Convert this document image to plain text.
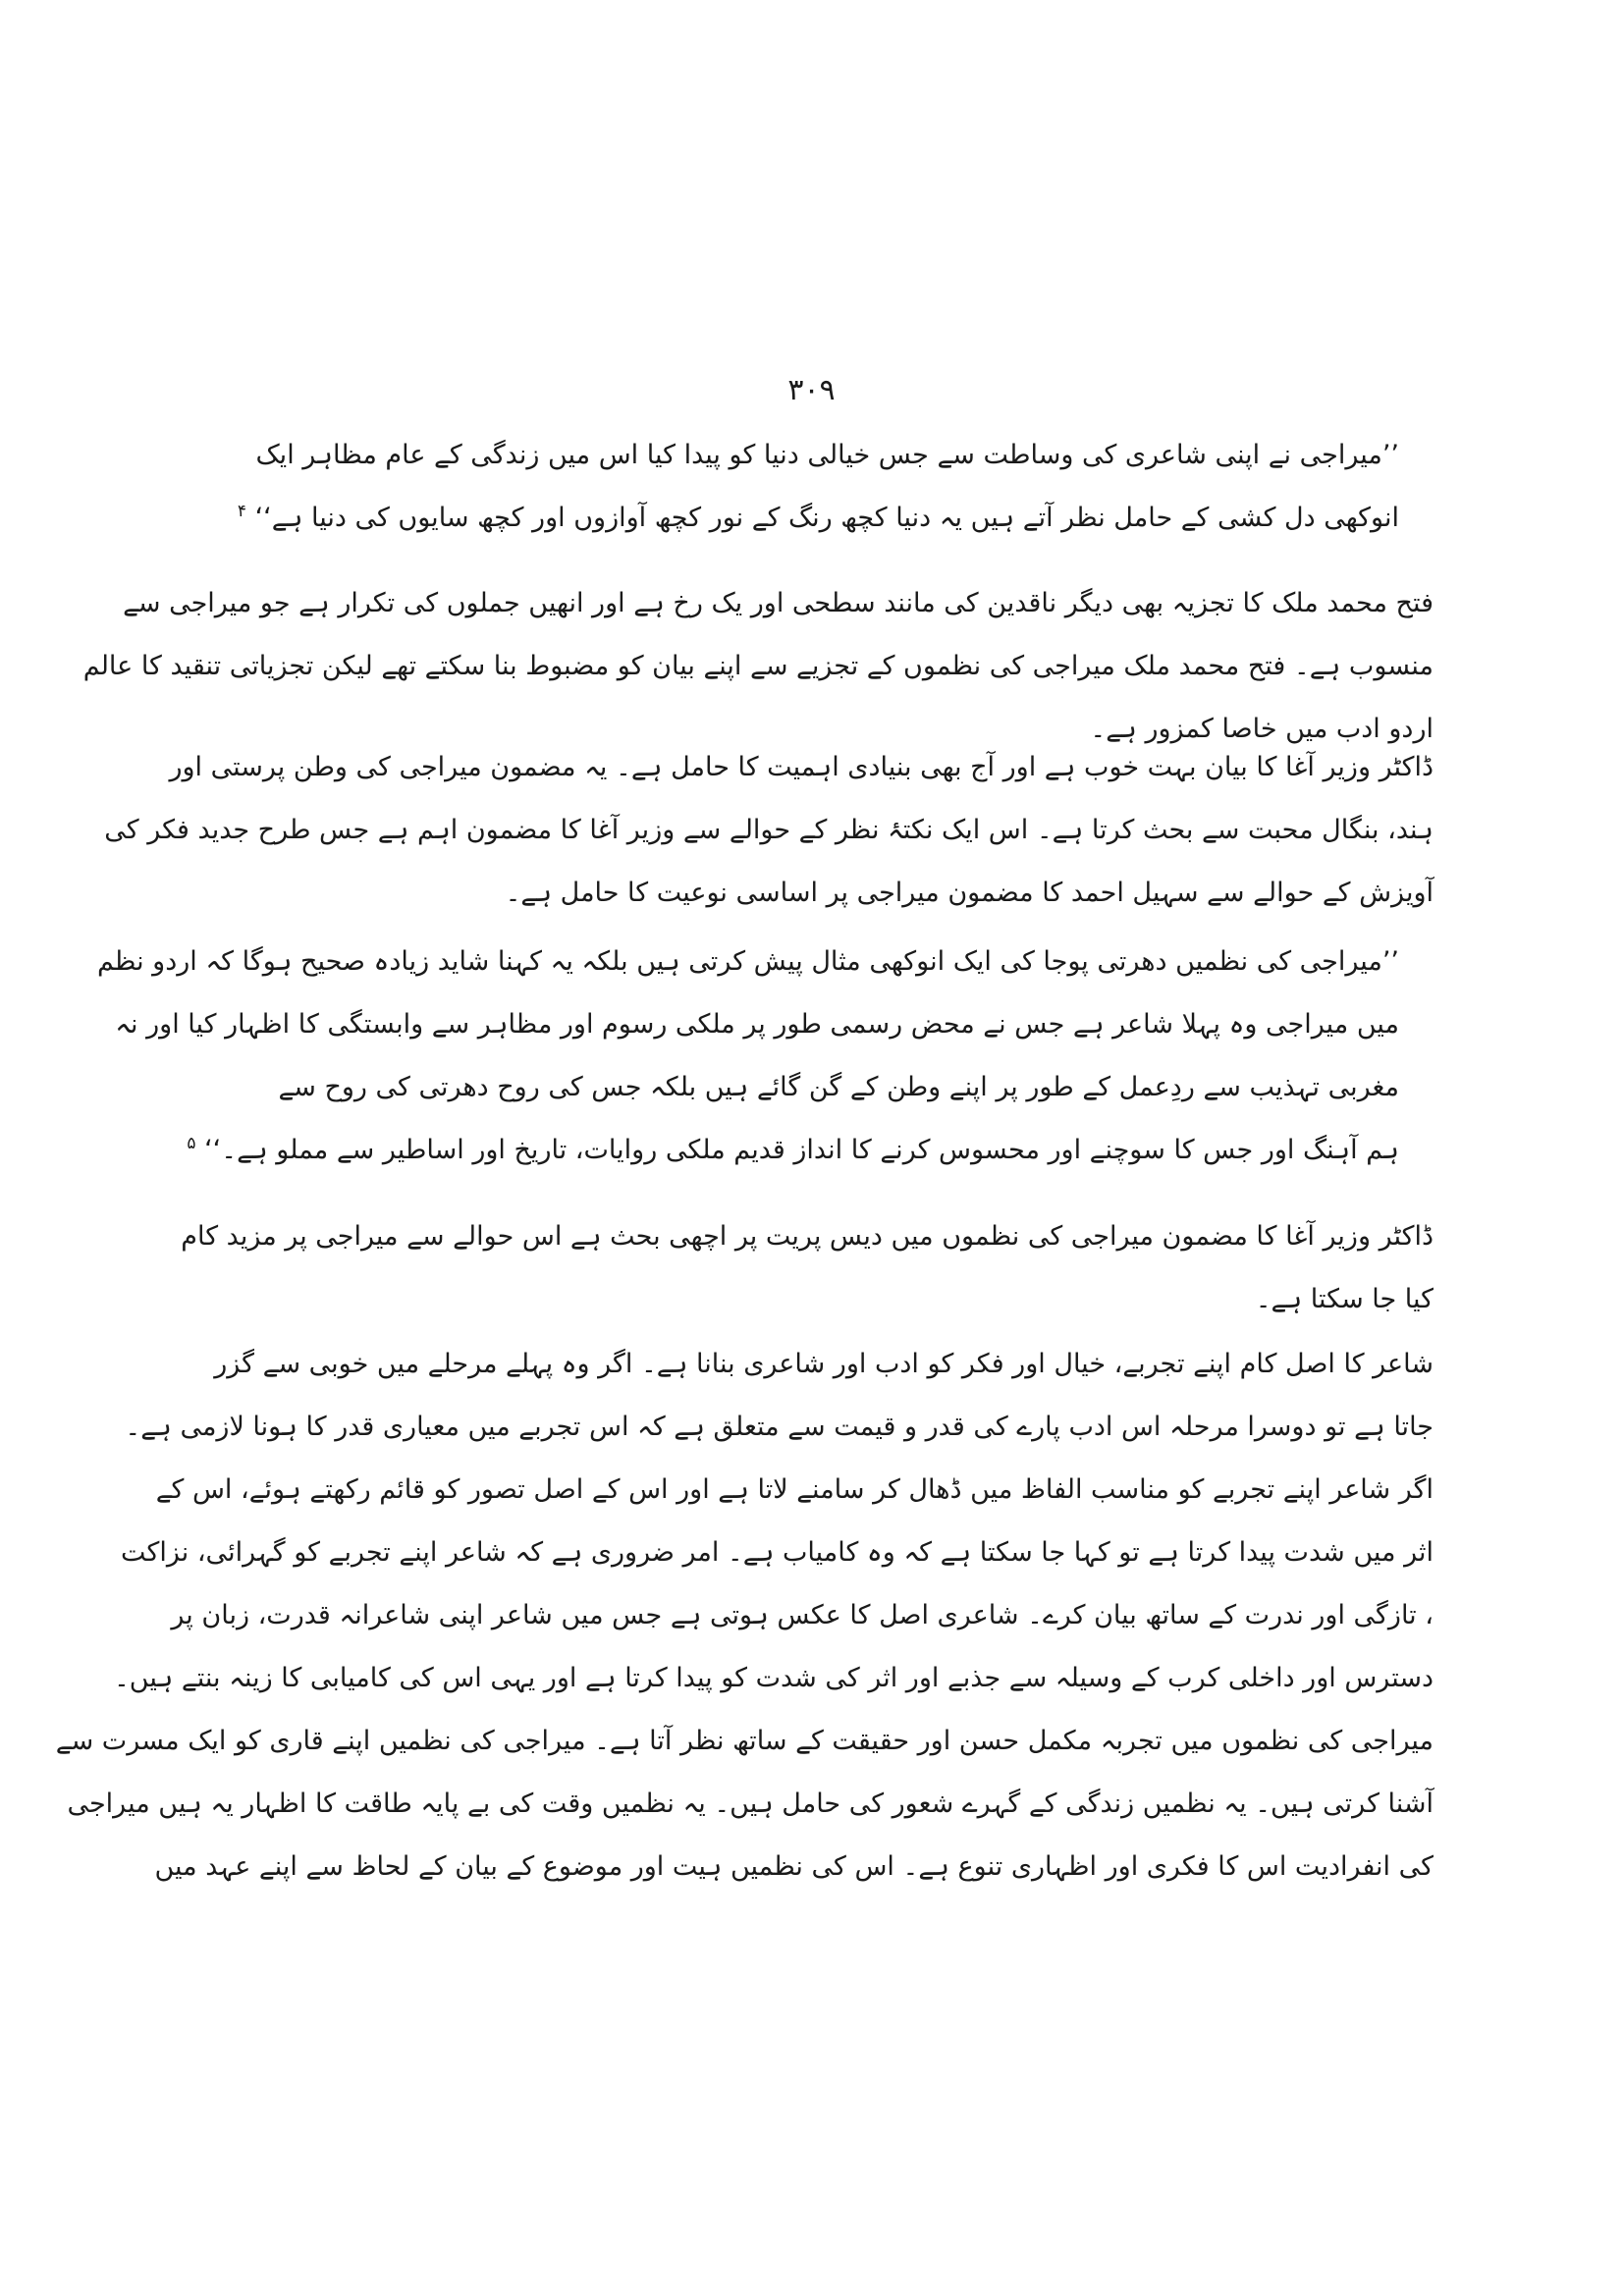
۳۰۹
’’میراجی نے اپنی شاعری کی وساطت سے جس خیالی دنیا کو پیدا کیا اس میں زندگی کے عام مظاہر ایک
انوکھی دل کشی کے حامل نظر آتے ہیں یہ دنیا کچھ رنگ کے نور کچھ آوازوں اور کچھ سایوں کی دنیا ہے‘‘ $^۴$
فتح محمد ملک کا تجزیہ بھی دیگر ناقدین کی مانند سطحی اور یک رخ ہے اور انھیں جملوں کی تکرار ہے جو میراجی سے
منسوب ہے۔ فتح محمد ملک میراجی کی نظموں کے تجزیے سے اپنے بیان کو مضبوط بنا سکتے تھے لیکن تجزیاتی تنقید کا عالم
اردو ادب میں خاصا کمزور ہے۔
ڈاکٹر وزیر آغا کا بیان بہت خوب ہے اور آج بھی بنیادی اہمیت کا حامل ہے۔ یہ مضمون میراجی کی وطن پرستی اور
ہند، بنگال محبت سے بحث کرتا ہے۔ اس ایک نکتۂ نظر کے حوالے سے وزیر آغا کا مضمون اہم ہے جس طرح جدید فکر کی
آویزش کے حوالے سے سہیل احمد کا مضمون میراجی پر اساسی نوعیت کا حامل ہے۔
’’میراجی کی نظمیں دھرتی پوجا کی ایک انوکھی مثال پیش کرتی ہیں بلکہ یہ کہنا شاید زیادہ صحیح ہوگا کہ اردو نظم
میں میراجی وہ پہلا شاعر ہے جس نے محض رسمی طور پر ملکی رسوم اور مظاہر سے وابستگی کا اظہار کیا اور نہ
مغربی تہذیب سے ردِعمل کے طور پر اپنے وطن کے گن گائے ہیں بلکہ جس کی روح دھرتی کی روح سے
ہم آہنگ اور جس کا سوچنے اور محسوس کرنے کا انداز قدیم ملکی روایات، تاریخ اور اساطیر سے مملو ہے۔‘‘ $^۵$
ڈاکٹر وزیر آغا کا مضمون میراجی کی نظموں میں دیس پریت پر اچھی بحث ہے اس حوالے سے میراجی پر مزید کام
کیا جا سکتا ہے۔
شاعر کا اصل کام اپنے تجربے، خیال اور فکر کو ادب اور شاعری بنانا ہے۔ اگر وہ پہلے مرحلے میں خوبی سے گزر
جاتا ہے تو دوسرا مرحلہ اس ادب پارے کی قدر و قیمت سے متعلق ہے کہ اس تجربے میں معیاری قدر کا ہونا لازمی ہے۔
اگر شاعر اپنے تجربے کو مناسب الفاظ میں ڈھال کر سامنے لاتا ہے اور اس کے اصل تصور کو قائم رکھتے ہوئے، اس کے
اثر میں شدت پیدا کرتا ہے تو کہا جا سکتا ہے کہ وہ کامیاب ہے۔ امر ضروری ہے کہ شاعر اپنے تجربے کو گہرائی، نزاکت
، تازگی اور ندرت کے ساتھ بیان کرے۔ شاعری اصل کا عکس ہوتی ہے جس میں شاعر اپنی شاعرانہ قدرت، زبان پر
دسترس اور داخلی کرب کے وسیلہ سے جذبے اور اثر کی شدت کو پیدا کرتا ہے اور یہی اس کی کامیابی کا زینہ بنتے ہیں۔
میراجی کی نظموں میں تجربہ مکمل حسن اور حقیقت کے ساتھ نظر آتا ہے۔ میراجی کی نظمیں اپنے قاری کو ایک مسرت سے
آشنا کرتی ہیں۔ یہ نظمیں زندگی کے گہرے شعور کی حامل ہیں۔ یہ نظمیں وقت کی بے پایہ طاقت کا اظہار یہ ہیں میراجی
کی انفرادیت اس کا فکری اور اظہاری تنوع ہے۔ اس کی نظمیں ہیت اور موضوع کے بیان کے لحاظ سے اپنے عہد میں
